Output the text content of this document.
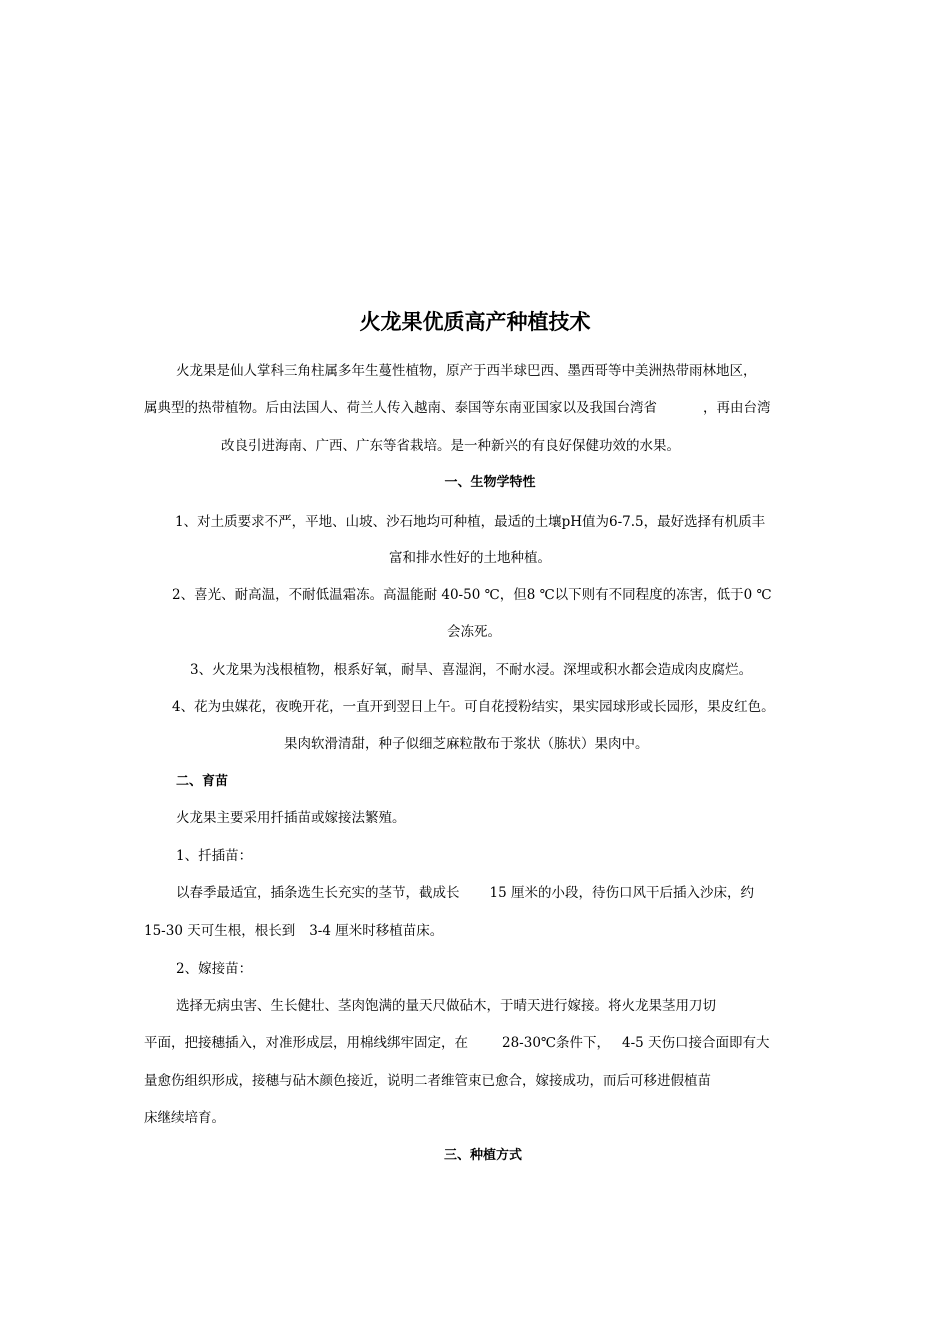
火龙果优质高产种植技术
火龙果是仙人掌科三角柱属多年生蔓性植物，原产于西半球巴西、墨西哥等中美洲热带雨林地区，
属典型的热带植物。后由法国人、荷兰人传入越南、泰国等东南亚国家以及我国台湾省	，再由台湾
改良引进海南、广西、广东等省栽培。是一种新兴的有良好保健功效的水果。
一、生物学特性
1、对土质要求不严，平地、山坡、沙石地均可种植，最适的土壤pH值为6-7.5，最好选择有机质丰
富和排水性好的土地种植。
2、喜光、耐高温，不耐低温霜冻。高温能耐 40-50 ℃，但8 ℃以下则有不同程度的冻害，低于0 ℃
会冻死。
3、火龙果为浅根植物，根系好氧，耐旱、喜湿润，不耐水浸。深埋或积水都会造成肉皮腐烂。
4、花为虫媒花，夜晚开花，一直开到翌日上午。可自花授粉结实，果实园球形或长园形，果皮红色。
果肉软滑清甜，种子似细芝麻粒散布于浆状（胨状）果肉中。
二、育苗
火龙果主要采用扦插苗或嫁接法繁殖。
1、扦插苗：
以春季最适宜，插条选生长充实的茎节，截成长 15 厘米的小段，待伤口风干后插入沙床，约
15-30 天可生根，根长到 3-4 厘米时移植苗床。
2、嫁接苗：
选择无病虫害、生长健壮、茎肉饱满的量天尺做砧木，于晴天进行嫁接。将火龙果茎用刀切
平面，把接穗插入，对准形成层，用棉线绑牢固定，在	28-30℃条件下， 4-5 天伤口接合面即有大
量愈伤组织形成，接穗与砧木颜色接近，说明二者维管束已愈合，嫁接成功，而后可移进假植苗
床继续培育。
三、种植方式
